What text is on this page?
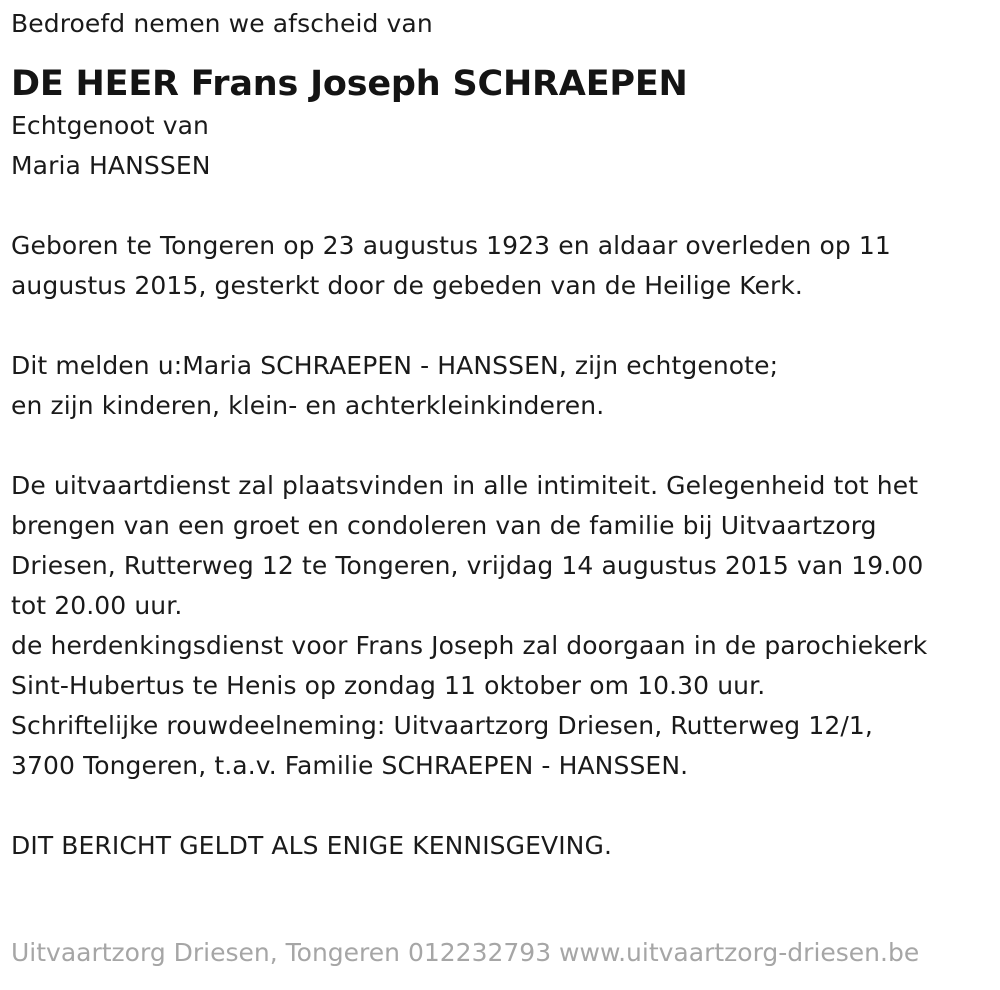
Bedroefd nemen we afscheid van
DE HEER Frans Joseph SCHRAEPEN
Echtgenoot van
Maria HANSSEN
Geboren te Tongeren op 23 augustus 1923 en aldaar overleden op 11
augustus 2015, gesterkt door de gebeden van de Heilige Kerk.
Dit melden u:Maria SCHRAEPEN - HANSSEN, zijn echtgenote;
en zijn kinderen, klein- en achterkleinkinderen.
De uitvaartdienst zal plaatsvinden in alle intimiteit. Gelegenheid tot het
brengen van een groet en condoleren van de familie bij Uitvaartzorg
Driesen, Rutterweg 12 te Tongeren, vrijdag 14 augustus 2015 van 19.00
tot 20.00 uur.
de herdenkingsdienst voor Frans Joseph zal doorgaan in de parochiekerk
Sint-Hubertus te Henis op zondag 11 oktober om 10.30 uur.
Schriftelijke rouwdeelneming: Uitvaartzorg Driesen, Rutterweg 12/1,
3700 Tongeren, t.a.v. Familie SCHRAEPEN - HANSSEN.
DIT BERICHT GELDT ALS ENIGE KENNISGEVING.
Uitvaartzorg Driesen, Tongeren 012232793 www.uitvaartzorg-driesen.be
